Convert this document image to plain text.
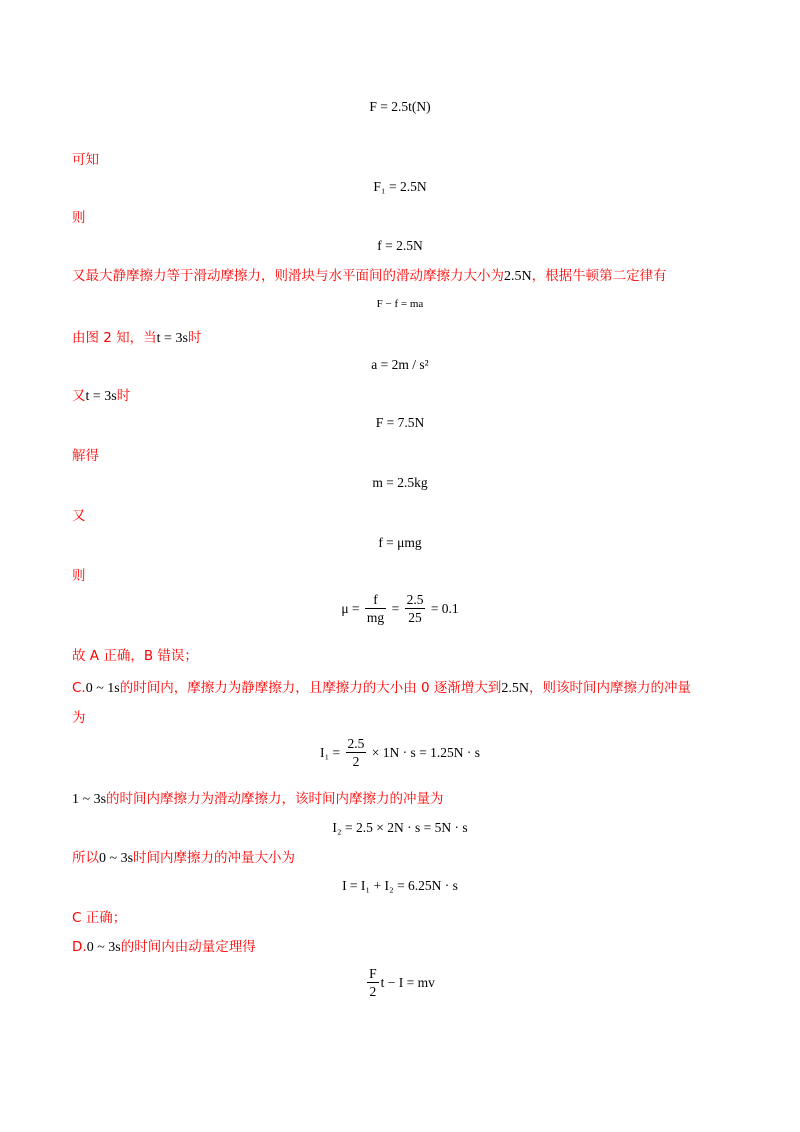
F = 2.5t(N)
可知
F₁ = 2.5N
则
f = 2.5N
又最大静摩擦力等于滑动摩擦力，则滑块与水平面间的滑动摩擦力大小为2.5N，根据牛顿第二定律有
F − f = ma
由图 2 知，当t = 3s时
a = 2m / s²
又t = 3s时
F = 7.5N
解得
m = 2.5kg
又
f = μmg
则
$\mu = \frac{f}{mg} = \frac{2.5}{25} = 0.1$
故 A 正确，B 错误；
C.0 ~ 1s的时间内，摩擦力为静摩擦力，且摩擦力的大小由 0 逐渐增大到2.5N，则该时间内摩擦力的冲量
为
$I_1 = \frac{2.5}{2} \times 1N \cdot s = 1.25N \cdot s$
1 ~ 3s的时间内摩擦力为滑动摩擦力，该时间内摩擦力的冲量为
I₂ = 2.5 × 2N · s = 5N · s
所以0 ~ 3s时间内摩擦力的冲量大小为
I = I₁ + I₂ = 6.25N · s
C 正确；
D.0 ~ 3s的时间内由动量定理得
$\frac{F}{2}$ t − I = mv
